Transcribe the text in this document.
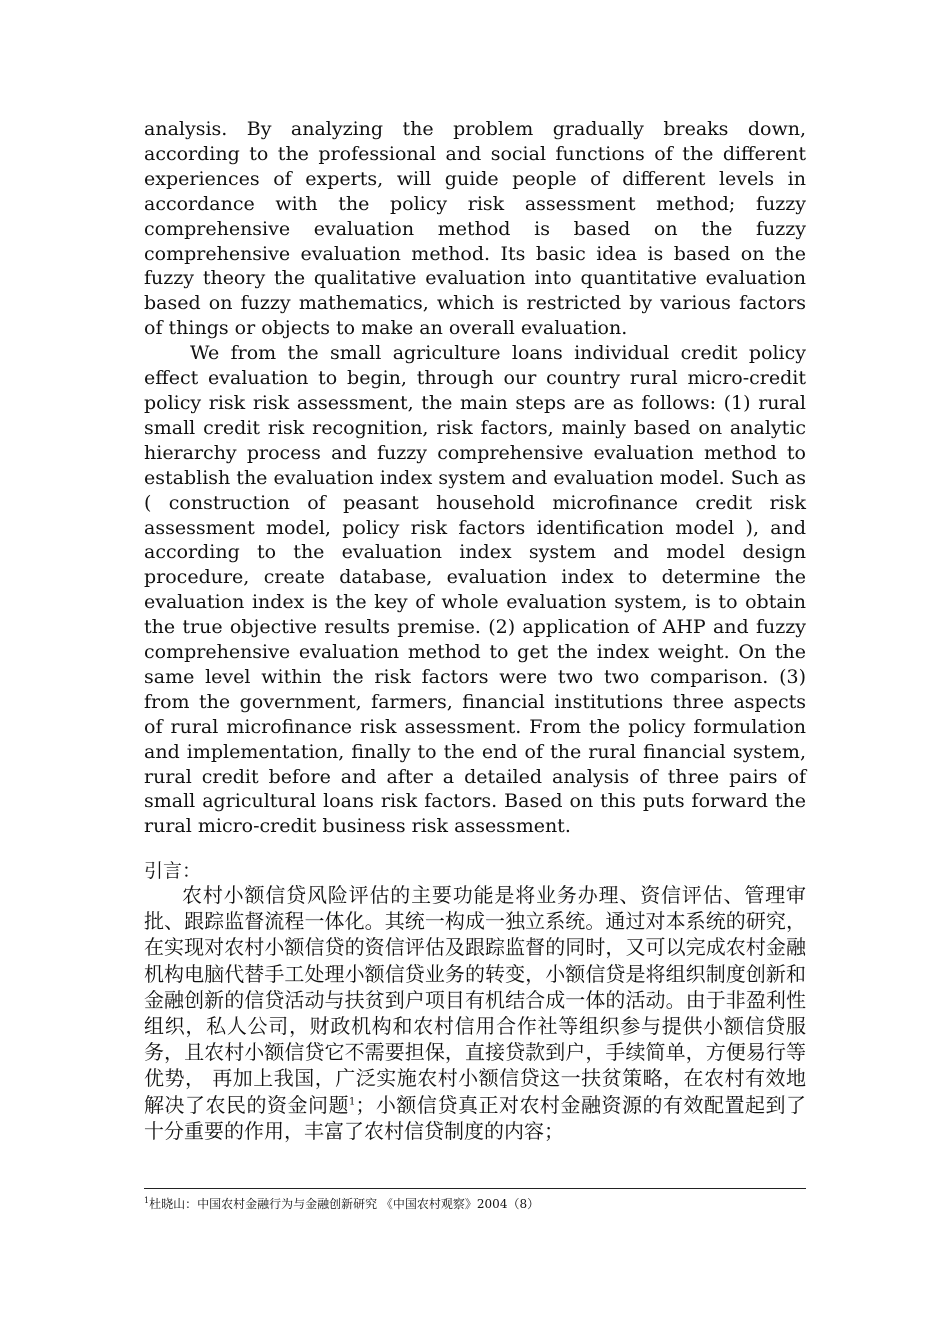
analysis. By analyzing the problem gradually breaks down, according to the professional and social functions of the different experiences of experts, will guide people of different levels in accordance with the policy risk assessment method; fuzzy comprehensive evaluation method is based on the fuzzy comprehensive evaluation method. Its basic idea is based on the fuzzy theory the qualitative evaluation into quantitative evaluation based on fuzzy mathematics, which is restricted by various factors of things or objects to make an overall evaluation.

We from the small agriculture loans individual credit policy effect evaluation to begin, through our country rural micro-credit policy risk risk assessment, the main steps are as follows: (1) rural small credit risk recognition, risk factors, mainly based on analytic hierarchy process and fuzzy comprehensive evaluation method to establish the evaluation index system and evaluation model. Such as ( construction of peasant household microfinance credit risk assessment model, policy risk factors identification model ), and according to the evaluation index system and model design procedure, create database, evaluation index to determine the evaluation index is the key of whole evaluation system, is to obtain the true objective results premise. (2) application of AHP and fuzzy comprehensive evaluation method to get the index weight. On the same level within the risk factors were two two comparison. (3) from the government, farmers, financial institutions three aspects of rural microfinance risk assessment. From the policy formulation and implementation, finally to the end of the rural financial system, rural credit before and after a detailed analysis of three pairs of small agricultural loans risk factors. Based on this puts forward the rural micro-credit business risk assessment.

引言：

农村小额信贷风险评估的主要功能是将业务办理、资信评估、管理审批、跟踪监督流程一体化。其统一构成一独立系统。通过对本系统的研究，在实现对农村小额信贷的资信评估及跟踪监督的同时，又可以完成农村金融机构电脑代替手工处理小额信贷业务的转变，小额信贷是将组织制度创新和金融创新的信贷活动与扶贫到户项目有机结合成一体的活动。由于非盈利性组织，私人公司，财政机构和农村信用合作社等组织参与提供小额信贷服务，且农村小额信贷它不需要担保，直接贷款到户，手续简单，方便易行等优势， 再加上我国，广泛实施农村小额信贷这一扶贫策略，在农村有效地解决了农民的资金问题$^1$；小额信贷真正对农村金融资源的有效配置起到了十分重要的作用，丰富了农村信贷制度的内容；

$^1$杜晓山：中国农村金融行为与金融创新研究 《中国农村观察》2004（8）
